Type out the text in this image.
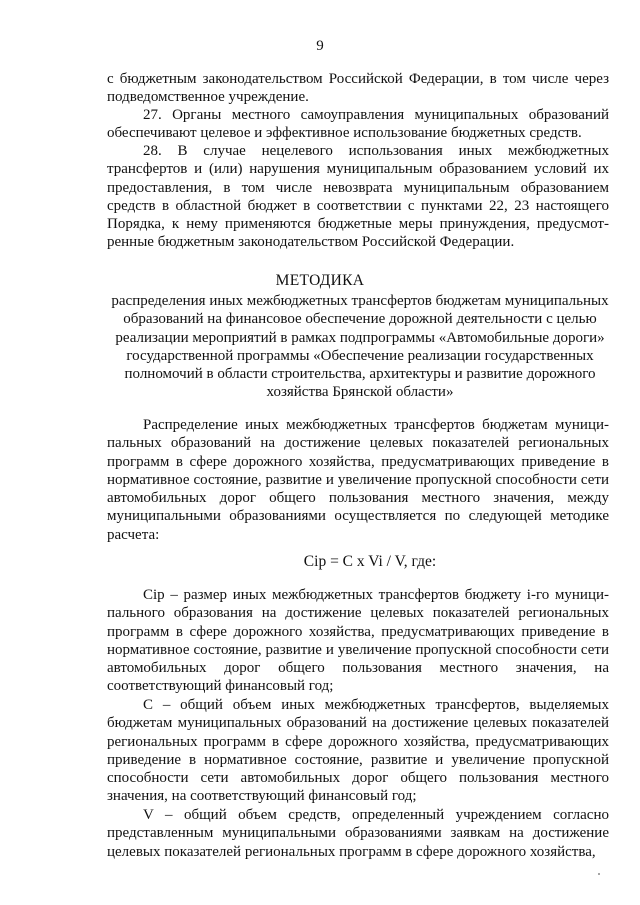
9

с бюджетным законодательством Российской Федерации, в том числе через подведомственное учреждение.

27. Органы местного самоуправления муниципальных образований обеспечивают целевое и эффективное использование бюджетных средств.

28. В случае нецелевого использования иных межбюджетных трансфертов и (или) нарушения муниципальным образованием условий их предоставления, в том числе невозврата муниципальным образованием средств в областной бюджет в соответствии с пунктами 22, 23 настоящего Порядка, к нему применяются бюджетные меры принуждения, предусмот-ренные бюджетным законодательством Российской Федерации.

МЕТОДИКА
распределения иных межбюджетных трансфертов бюджетам муниципальных образований на финансовое обеспечение дорожной деятельности с целью реализации мероприятий в рамках подпрограммы «Автомобильные дороги» государственной программы «Обеспечение реализации государственных полномочий в области строительства, архитектуры и развитие дорожного хозяйства Брянской области»

Распределение иных межбюджетных трансфертов бюджетам муници-пальных образований на достижение целевых показателей региональных программ в сфере дорожного хозяйства, предусматривающих приведение в нормативное состояние, развитие и увеличение пропускной способности сети автомобильных дорог общего пользования местного значения, между муниципальными образованиями осуществляется по следующей методике расчета:

Ci‌р = С x Vi / V, где:

Ciр – размер иных межбюджетных трансфертов бюджету i-го муници-пального образования на достижение целевых показателей региональных программ в сфере дорожного хозяйства, предусматривающих приведение в нормативное состояние, развитие и увеличение пропускной способности сети автомобильных дорог общего пользования местного значения, на соответствующий финансовый год;

С – общий объем иных межбюджетных трансфертов, выделяемых бюджетам муниципальных образований на достижение целевых показателей региональных программ в сфере дорожного хозяйства, предусматривающих приведение в нормативное состояние, развитие и увеличение пропускной способности сети автомобильных дорог общего пользования местного значения, на соответствующий финансовый год;

V – общий объем средств, определенный учреждением согласно представленным муниципальными образованиями заявкам на достижение целевых показателей региональных программ в сфере дорожного хозяйства,
